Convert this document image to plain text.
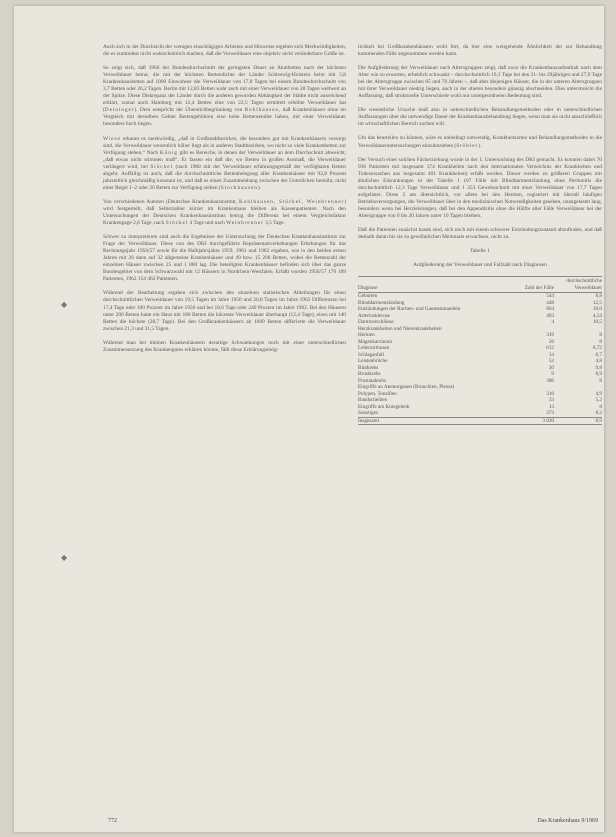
◆
◆

Auch sich in der Durchsicht der wenigen einschlägigen Arbeiten und Hinweise ergeben sich Merkwürdigkeiten, die es zumindest nicht wahrscheinlich machen, daß die Verweildauer eine objektiv nicht veränderbare Größe ist.

So zeigt sich, daß 1966 der Bundesdurchschnitt der geringsten Dauer an Akutbetten nach der höchsten Verweildauer betrat, die mit der höchsten Bettendichte der Länder Schleswig-Holstein beim mit 5,8 Krankenhausbetten auf 1000 Einwohner die Verweildauer von 17,8 Tagen bei einem Bundesdurchschnitt von 3,7 Betten oder 26,2 Tagen. Berlin mit 12,83 Betten wahr auch mit einer Verweildauer von 28 Tagen weltweit an der Spitze. Diese Diskrepanz der Länder durch die anderen geworden Abhängkeit der Städte nicht ausreichend erklärt, zumal auch Hamburg mit 12,4 Betten eine von 22,5 Tagen ermittelt erhöhte Verweildauer hat (Deininger). Dem entspricht der Überstichbegründung von Rohlhausen, daß Krankenhäuser ohne im Vergleich mit derselben Gebiet Bettengebühren eine hohe Bettenrendite haben, mit einer Verweildauer besonders hoch liegen.

Wiese erkannt es merkwürdig, „daß in Großstadtbezirken, die besonders gut mit Krankenhäusern versorgt sind, die Verweildauer wesentlich höher liegt als in anderen Stadtbezirken, wo nicht so viele Krankenbetten zur Verfügung stehen.“ Nach König gibt es Bereiche, in denen der Verweildauer an dem Durchschnitt abweicht, „daß etwas nicht stimmen muß“. Er fassen ein daß die, wo Betten in großen Ausmaß, die Verweildauer verlängert wird, bei Stöckel (nach 1968 mit der Verweildauer erfahrungsgemäß der verfügbaren Betten abgeht. Auffällig ist auch, daß die durchschnittliche Bettenbelegung aller Krankenhäuser mit 92,8 Prozent jahrzeitlich gleichmäßig konstant ist, und daß es einen Zusammenhang zwischen der Unterlichen bemüht, nicht einer Regel 1–2 oder 20 Betten zur Verfügung stehen (Stockhausen).

Von verschiedenen Autoren (Deutsches Krankenhausinstitut, Kohlhausen, Stöckel, Weinbrenner) wird festgestellt, daß Selbstzahler kürzer im Krankenhaus bleiben als Kassenpatienten. Nach den Untersuchungen der Deutschen Krankenhausinstituts betrug die Differenz bei einem Vergleichsfaktor Krankengage 2,6 Tage, nach Stöckel 4 Tage und nach Weinbrenner 3,5 Tage.

Schwer zu interpretieren sind auch die Ergebnisse der Untersuchung der Deutschen Krankenhausinstituts zur Frage der Verweildauer. Diese von des DKI durchgeführte Repräsentativerhebungen Erhebungen für das Rechnungsjahr 1956/57 sowie für die Halbjahrsjahre 1959, 1961 und 1962 ergaben, wie in den beiden ersten Jahren mit 26 dann auf 32 allgemeine Krankenhäuser und 49 bzw. 15 200 Betten, wobei die Bettenzahl der einzelnen Häuser zwischen 25 und 1 800 lag. Die beteiligten Krankenhäuser befinden sich über das ganze Bundesgebiet von dem Schwarzwald mit 12 Häusern in Nordrhein-Westfalen. Erfaßt wurden 1956/57 170 109 Patienten, 1962 154 462 Patienten.

Während der Bearbeitung ergaben sich zwischen den einzelnen statistischen Abteilungen für einen durchschnittlichen Verweildauer von 19,5 Tagen im Jahre 1956 und 20,8 Tagen im Jahre 1962 Differenzen bei 17,4 Tage oder 100 Prozent im Jahre 1956 und bei 18,6 Tage oder 240 Prozent im Jahre 1962. Bei den Häusern unter 200 Betten hatte ein Haus mit 180 Betten die kürzeste Verweildauer überhaupt (12,4 Tage), eines mit 140 Betten die höchste (28,7 Tage). Bei den Großkrankenhäusern ab 1000 Betten differierte die Verweildauer zwischen 21,3 und 31,5 Tagen.

Während man bei kleinen Krankenhäusern derartige Schwankungen noch mit einer unterschiedlichen Zusammensetzung des Krankengutes erklären könnte, fällt diese Erklärungsmög-

lichkeit bei Großkrankenhäusern wohl fort, da hier eine weitgehende Ähnlichkeit der zur Behandlung kommenden Fälle angenommen werden kann.

Die Aufgliederung der Verweildauer nach Altersgruppen zeigt, daß zwar die Krankenhausaufenthalt nach dem Alter wie zu erwarten, erheblich schwankt – durchschnittlich 19,3 Tage bei den 21- bis 29jährigen und 27,9 Tage bei der Altersgruppe zwischen 65 und 70 Jahren –, daß aber diejenigen Häuser, die in der unteren Altersgruppen mit ihrer Verweildauer niedrig liegen, auch in der oberen besonders günstig abschneiden. Dies unterstreicht die Auffassung, daß strukturelle Unterschiede wohl nur untergeordneten Bedeutung sind.

Die wesentliche Ursache muß also in unterschiedlichen Behandlungsmethoden oder in unterschiedlichen Auffassungen über die notwendige Dauer der Krankenhausbehandlung liegen, wenn man sie nicht ausschließlich im wirtschaftlichen Bereich suchen will.

Um das beurteilen zu können, wäre es unbedingt notwendig, Krankheitsarten und Behandlungsmethoden in die Verweildaueruntersuchungen einzubeziehen (Stöbler).

Der Versuch einer solchen Fächerziehung wurde in der 1. Untersuchung des DKI gemacht. Es konnten dabei 70 936 Patienten mit insgesamt 374 Krankheiten nach den internationalen Verzeichnis der Krankheiten und Todesursachen aus insgesamt 401 Krankheiten) erfaßt werden. Dieser werden zu größeren Gruppen mit ähnlichen Erkrankungen in der Tabelle 1 (67 Fälle mit Blinddarmentzündung ohne Peritonitis die durchschnittlich 12,3 Tage Verweildauer und 1 253 Gewebsschnitt mit einer Verweildauer von 17,7 Tagen aufgelistet. Diese 2 am übersichtlich, vor allem bei den Hernien, registriert mit überall häufigen Betriebsversorgungen, die Verweildauer über in den medizinischen Notwendigkeiten gesehen, unangetastet lang, besonders wenn bei Herzleistungen, daß bei den Appendizitis ohne die Hälfte aller Fälle Verweildauer bei der Altersgruppe von 0 bis 20 Jahren unter 10 Tagen bleiben.

Daß die Patienten zunächst krank sind, sich noch mit einem schwerer Entzündungszustand abzufinden, und daß deshalb daran bis sie zu gewöhnlichen Merkmale erwachsen, nicht zu.

Tabelle 1

Aufgliederung der Verweildauer und Fallzahl nach Diagnosen

Diagnose	Zahl der Fälle	durchschnittliche Verweildauer
Geburten	544	8,8
Blinddarmentzündung	448	12,5
Entzündungen der Rachen- und Gaumenmandeln	864	10,0
Arteriosklerose	403	4,54
Darmverschlüsse	4	10,5
Herzkrankheiten und Nierenkrankheiten		
Hernien	319	8
Magenkarzinom	26	8
Leberzirrhosen	612	8,72
Schlaganfall	14	6,7
Leistenbrüche	52	4,8
Blutkrebs	30	9,8
Brustkrebs	9	8,9
Prostatakrebs	306	8
Eingriffe an Atemorganen (Bronchien, Pleura)		
Polypen, Tonsillen	316	4,9
Bandscheiben	33	5,2
Eingriffe am Kniegelenk	13	8
Sonstiges	373	8,2
Insgesamt	3 020	8,9
772	Das Krankenhaus 9/1969
